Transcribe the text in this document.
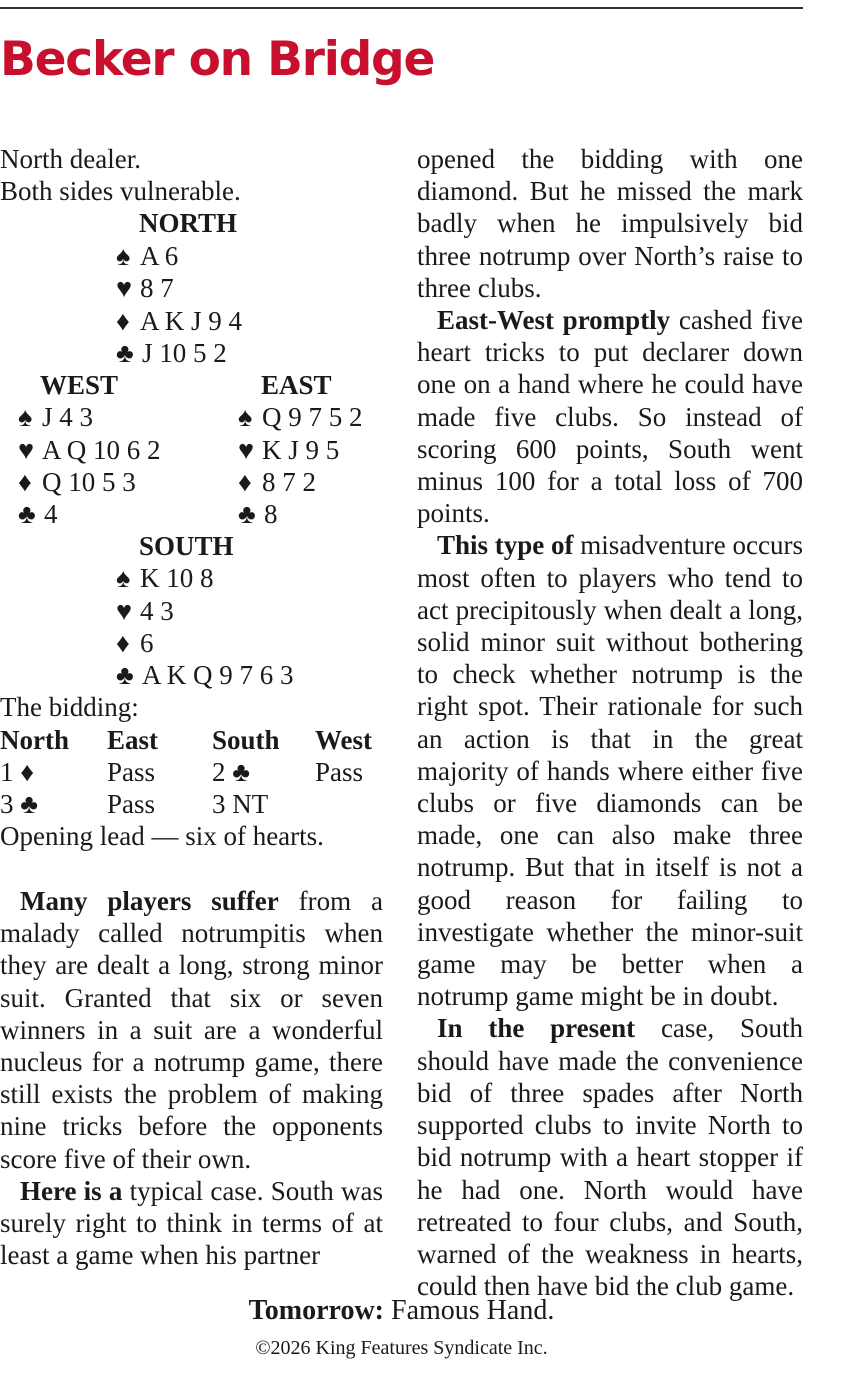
Becker on Bridge
North dealer.
Both sides vulnerable.
NORTH
♠ A 6
♥ 8 7
♦ A K J 9 4
♣ J 10 5 2
WEST
♠ J 4 3
♥ A Q 10 6 2
♦ Q 10 5 3
♣ 4
EAST
♠ Q 9 7 5 2
♥ K J 9 5
♦ 8 7 2
♣ 8
SOUTH
♠ K 10 8
♥ 4 3
♦ 6
♣ A K Q 9 7 6 3
The bidding:
North East South West
1 ♦	Pass 2 ♣ Pass
3 ♣	Pass 3 NT
Opening lead — six of hearts.

Many players suffer from a malady called notrumpitis when they are dealt a long, strong minor suit. Granted that six or seven winners in a suit are a wonderful nucleus for a notrump game, there still exists the problem of making nine tricks before the opponents score five of their own.

Here is a typical case. South was surely right to think in terms of at least a game when his partner

opened the bidding with one diamond. But he missed the mark badly when he impulsively bid three notrump over North’s raise to three clubs.

East-West promptly cashed five heart tricks to put declarer down one on a hand where he could have made five clubs. So instead of scoring 600 points, South went minus 100 for a total loss of 700 points.

This type of misadventure occurs most often to players who tend to act precipitously when dealt a long, solid minor suit without bothering to check whether notrump is the right spot. Their rationale for such an action is that in the great majority of hands where either five clubs or five diamonds can be made, one can also make three notrump. But that in itself is not a good reason for failing to investigate whether the minor-suit game may be better when a notrump game might be in doubt.

In the present case, South should have made the convenience bid of three spades after North supported clubs to invite North to bid notrump with a heart stopper if he had one. North would have retreated to four clubs, and South, warned of the weakness in hearts, could then have bid the club game.

Tomorrow: Famous Hand.
©2026 King Features Syndicate Inc.
